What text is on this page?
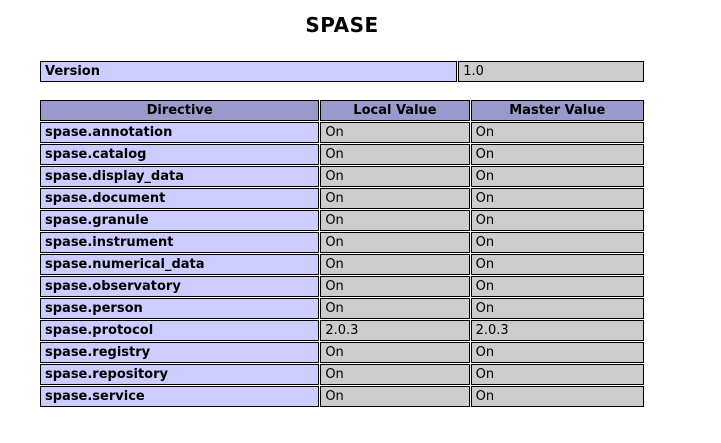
SPASE
Version	1.0
Directive	Local Value	Master Value
spase.annotation	On	On
spase.catalog	On	On
spase.display_data	On	On
spase.document	On	On
spase.granule	On	On
spase.instrument	On	On
spase.numerical_data	On	On
spase.observatory	On	On
spase.person	On	On
spase.protocol	2.0.3	2.0.3
spase.registry	On	On
spase.repository	On	On
spase.service	On	On
